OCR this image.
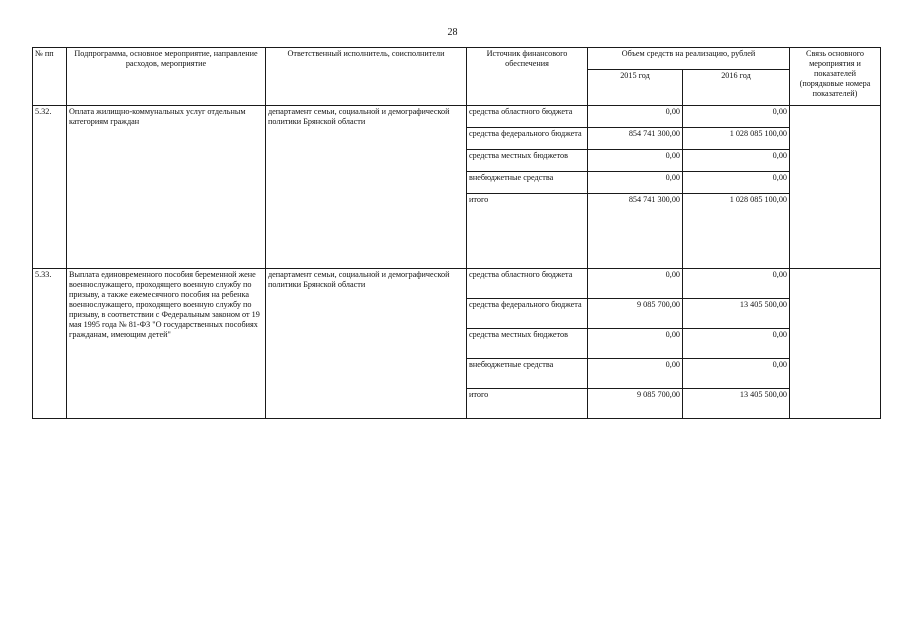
28
№ пп	Подпрограмма, основное мероприятие, направление расходов, мероприятие	Ответственный исполнитель, соисполнители	Источник финансового обеспечения	Объем средств на реализацию, рублей		Связь основного мероприятия и показателей (порядковые номера показателей)
				2015 год	2016 год	
5.32.	Оплата жилищно-коммунальных услуг отдельным категориям граждан	департамент семьи, социальной и демографической политики Брянской области	средства областного бюджета	0,00	0,00	
			средства федерального бюджета	854 741 300,00	1 028 085 100,00	
			средства местных бюджетов	0,00	0,00	
			внебюджетные средства	0,00	0,00	
			итого	854 741 300,00	1 028 085 100,00	
5.33.	Выплата единовременного пособия беременной жене военнослужащего, проходящего военную службу по призыву, а также ежемесячного пособия на ребенка военнослужащего, проходящего военную службу по призыву, в соответствии с Федеральным законом от 19 мая 1995 года № 81-ФЗ "О государственных пособиях гражданам, имеющим детей"	департамент семьи, социальной и демографической политики Брянской области	средства областного бюджета	0,00	0,00	
			средства федерального бюджета	9 085 700,00	13 405 500,00	
			средства местных бюджетов	0,00	0,00	
			внебюджетные средства	0,00	0,00	
			итого	9 085 700,00	13 405 500,00	
